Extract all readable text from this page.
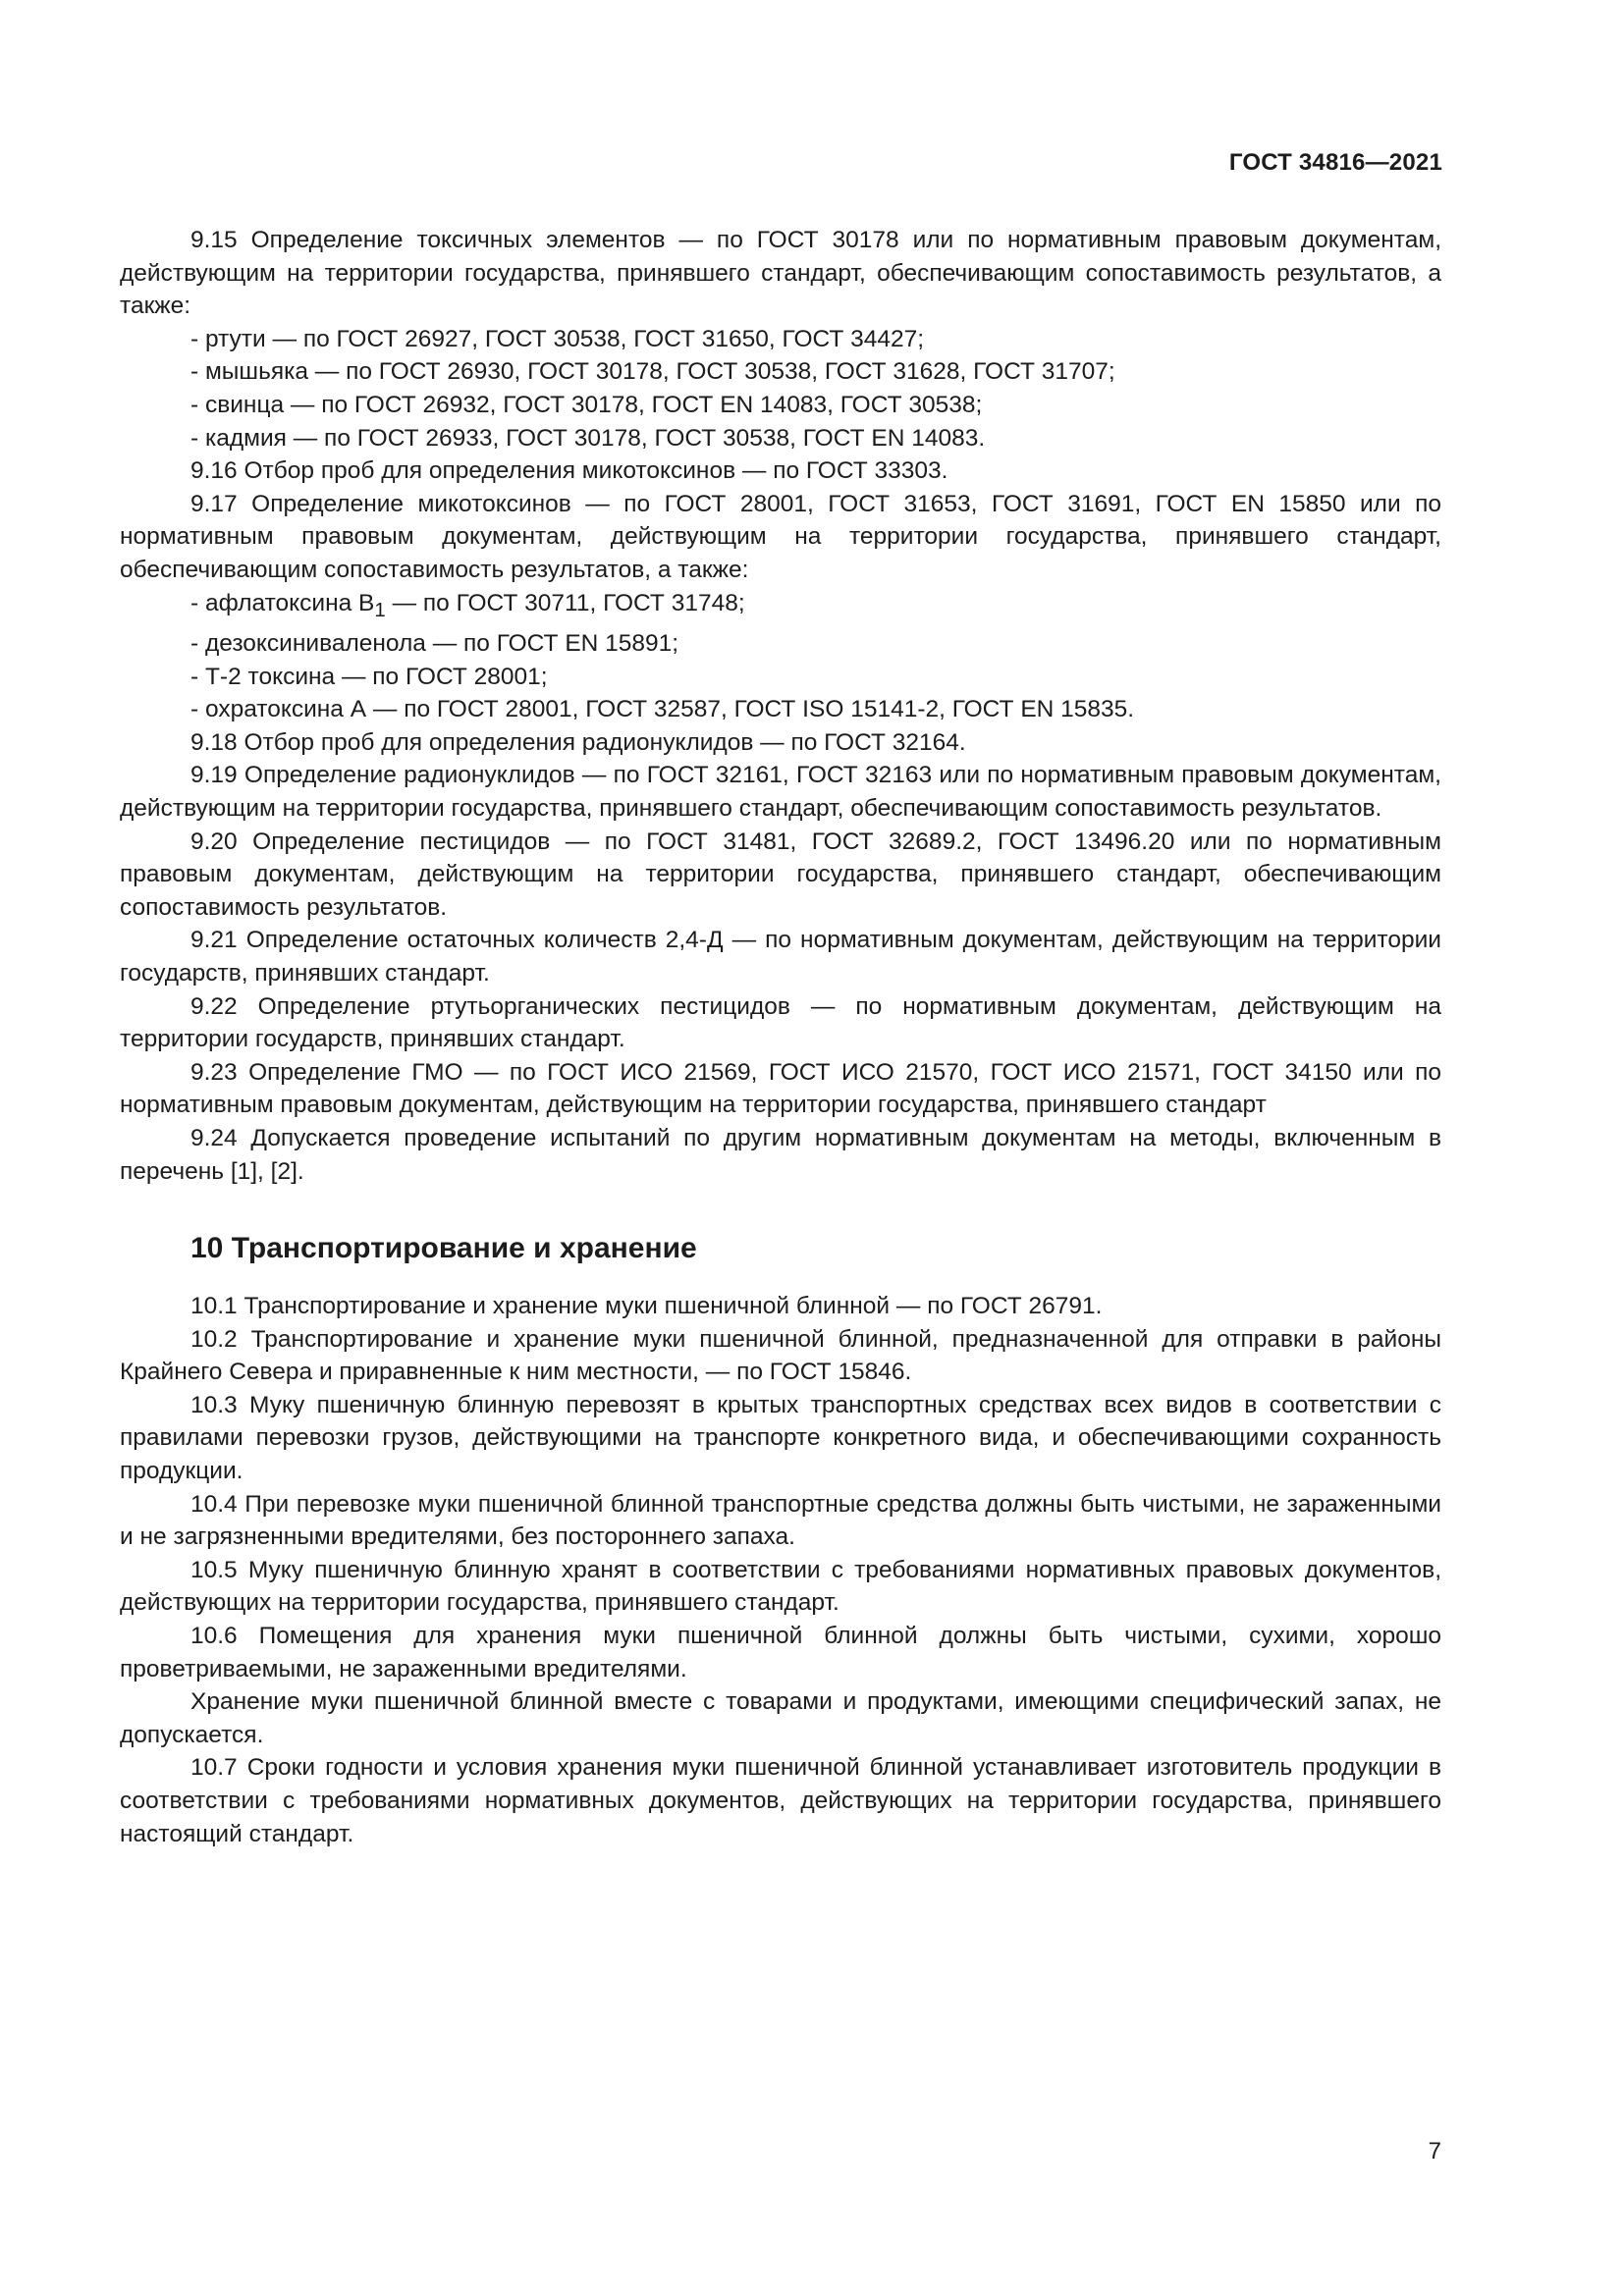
ГОСТ 34816—2021

9.15 Определение токсичных элементов — по ГОСТ 30178 или по нормативным правовым документам, действующим на территории государства, принявшего стандарт, обеспечивающим сопоставимость результатов, а также:

- ртути — по ГОСТ 26927, ГОСТ 30538, ГОСТ 31650, ГОСТ 34427;

- мышьяка — по ГОСТ 26930, ГОСТ 30178, ГОСТ 30538, ГОСТ 31628, ГОСТ 31707;

- свинца — по ГОСТ 26932, ГОСТ 30178, ГОСТ EN 14083, ГОСТ 30538;

- кадмия — по ГОСТ 26933, ГОСТ 30178, ГОСТ 30538, ГОСТ EN 14083.

9.16 Отбор проб для определения микотоксинов — по ГОСТ 33303.

9.17 Определение микотоксинов — по ГОСТ 28001, ГОСТ 31653, ГОСТ 31691, ГОСТ EN 15850 или по нормативным правовым документам, действующим на территории государства, принявшего стандарт, обеспечивающим сопоставимость результатов, а также:

- афлатоксина $B_1$ — по ГОСТ 30711, ГОСТ 31748;

- дезоксиниваленола — по ГОСТ EN 15891;

- Т-2 токсина — по ГОСТ 28001;

- охратоксина А — по ГОСТ 28001, ГОСТ 32587, ГОСТ ISO 15141-2, ГОСТ EN 15835.

9.18 Отбор проб для определения радионуклидов — по ГОСТ 32164.

9.19 Определение радионуклидов — по ГОСТ 32161, ГОСТ 32163 или по нормативным правовым документам, действующим на территории государства, принявшего стандарт, обеспечивающим сопоставимость результатов.

9.20 Определение пестицидов — по ГОСТ 31481, ГОСТ 32689.2, ГОСТ 13496.20 или по нормативным правовым документам, действующим на территории государства, принявшего стандарт, обеспечивающим сопоставимость результатов.

9.21 Определение остаточных количеств 2,4-Д — по нормативным документам, действующим на территории государств, принявших стандарт.

9.22 Определение ртутьорганических пестицидов — по нормативным документам, действующим на территории государств, принявших стандарт.

9.23 Определение ГМО — по ГОСТ ИСО 21569, ГОСТ ИСО 21570, ГОСТ ИСО 21571, ГОСТ 34150 или по нормативным правовым документам, действующим на территории государства, принявшего стандарт

9.24 Допускается проведение испытаний по другим нормативным документам на методы, включенным в перечень [1], [2].

10 Транспортирование и хранение

10.1 Транспортирование и хранение муки пшеничной блинной — по ГОСТ 26791.

10.2 Транспортирование и хранение муки пшеничной блинной, предназначенной для отправки в районы Крайнего Севера и приравненные к ним местности, — по ГОСТ 15846.

10.3 Муку пшеничную блинную перевозят в крытых транспортных средствах всех видов в соответствии с правилами перевозки грузов, действующими на транспорте конкретного вида, и обеспечивающими сохранность продукции.

10.4 При перевозке муки пшеничной блинной транспортные средства должны быть чистыми, не зараженными и не загрязненными вредителями, без постороннего запаха.

10.5 Муку пшеничную блинную хранят в соответствии с требованиями нормативных правовых документов, действующих на территории государства, принявшего стандарт.

10.6 Помещения для хранения муки пшеничной блинной должны быть чистыми, сухими, хорошо проветриваемыми, не зараженными вредителями.

Хранение муки пшеничной блинной вместе с товарами и продуктами, имеющими специфический запах, не допускается.

10.7 Сроки годности и условия хранения муки пшеничной блинной устанавливает изготовитель продукции в соответствии с требованиями нормативных документов, действующих на территории государства, принявшего настоящий стандарт.

7
